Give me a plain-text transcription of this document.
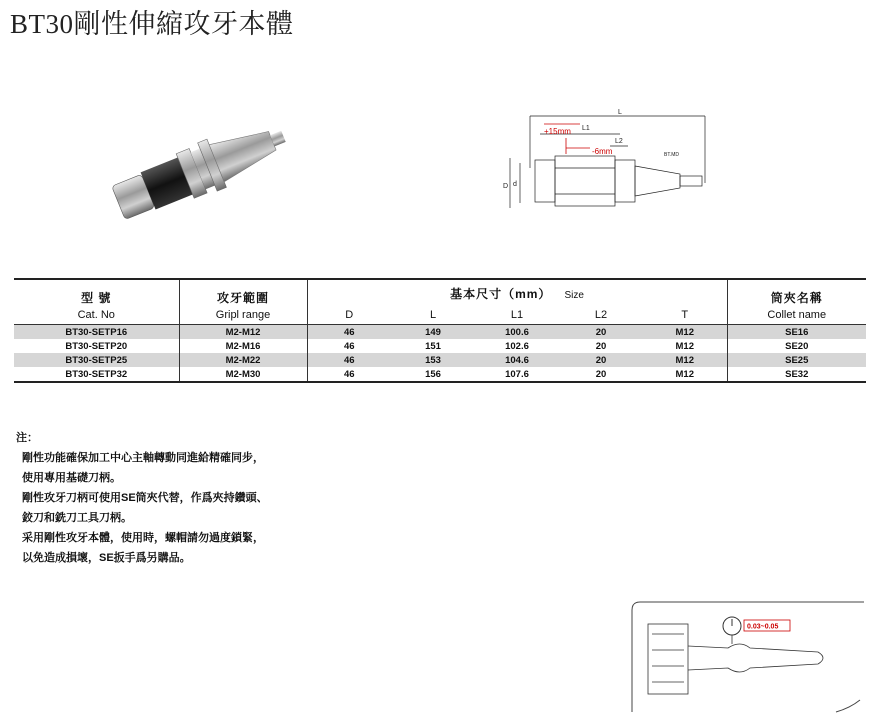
BT30剛性伸縮攻牙本體
L
L1
L2
D d
+15mm
-6mm	BT.MD
型 號	攻牙範圍	基本尺寸（mm） Size					筒夾名稱
Cat. No	Gripl range	D	L	L1	L2	T	Collet name
BT30-SETP16	M2-M12	46	149	100.6	20	M12	SE16
BT30-SETP20	M2-M16	46	151	102.6	20	M12	SE20
BT30-SETP25	M2-M22	46	153	104.6	20	M12	SE25
BT30-SETP32	M2-M30	46	156	107.6	20	M12	SE32
注：
剛性功能確保加工中心主軸轉動同進給精確同步，
使用專用基礎刀柄。
剛性攻牙刀柄可使用SE筒夾代替，作爲夾持鑽頭、
鉸刀和銑刀工具刀柄。
采用剛性攻牙本體，使用時，螺帽請勿過度鎖緊，
以免造成損壞，SE扳手爲另購品。
0.03~0.05
